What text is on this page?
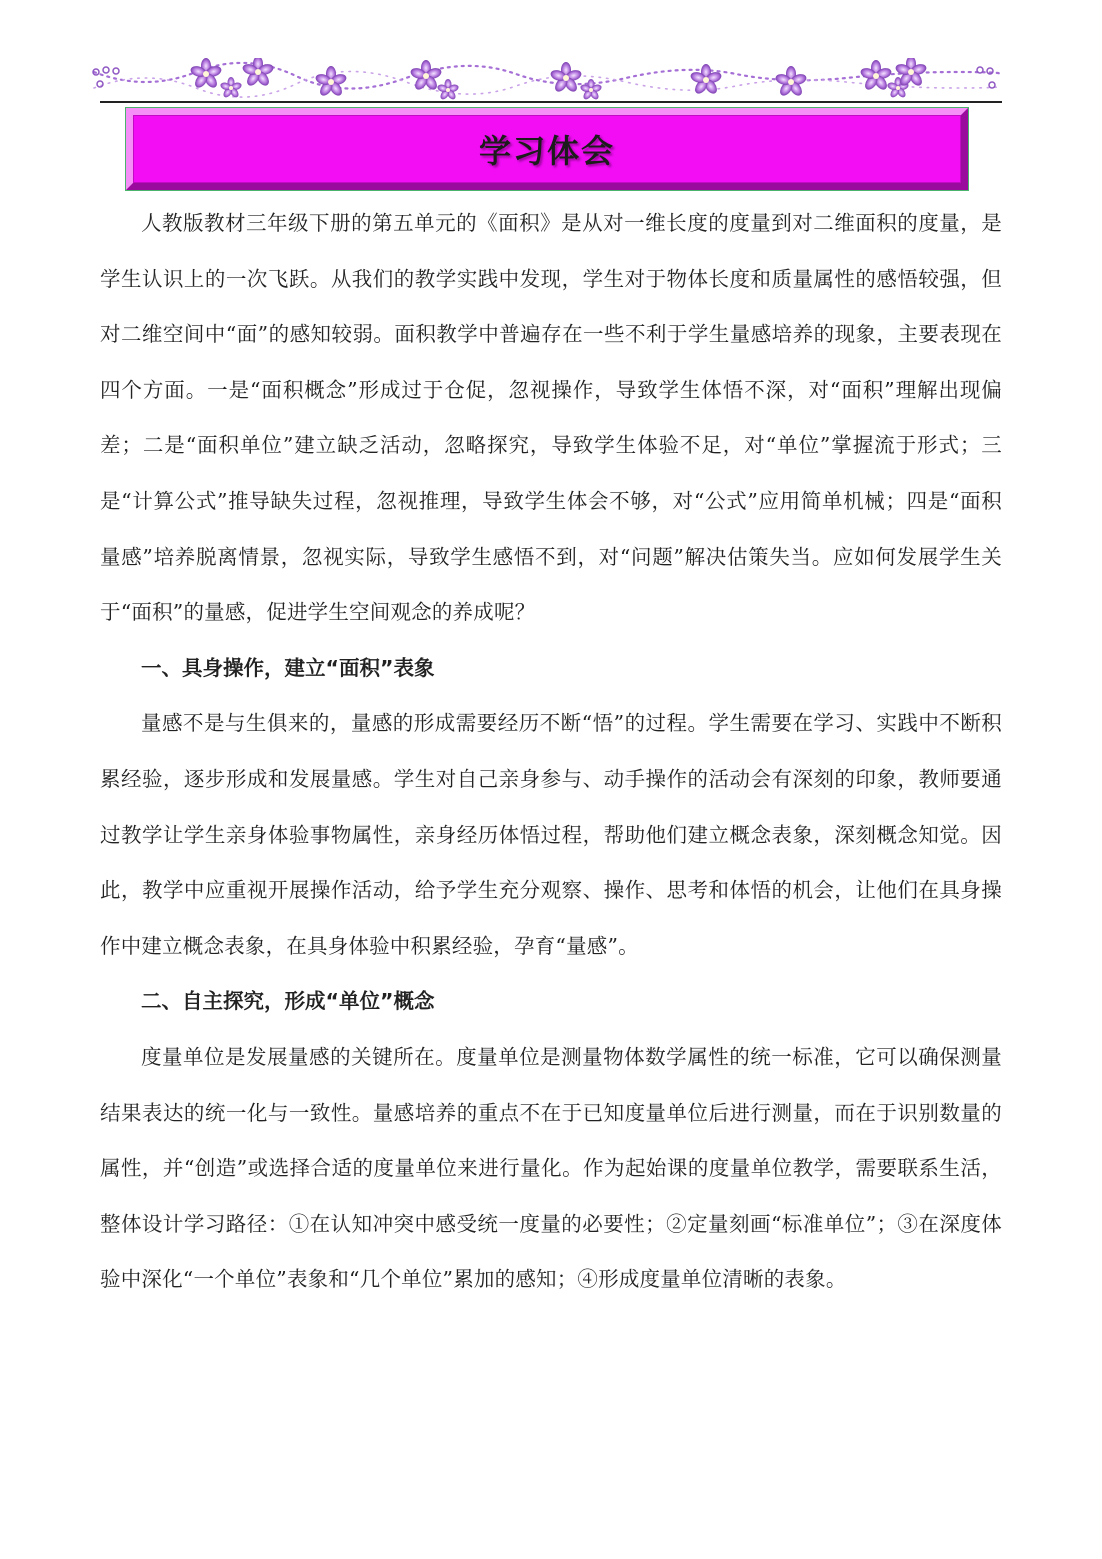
学习体会

人教版教材三年级下册的第五单元的《面积》是从对一维长度的度量到对二维面积的度量，是学生认识上的一次飞跃。从我们的教学实践中发现，学生对于物体长度和质量属性的感悟较强，但对二维空间中“面”的感知较弱。面积教学中普遍存在一些不利于学生量感培养的现象，主要表现在四个方面。一是“面积概念”形成过于仓促，忽视操作，导致学生体悟不深，对“面积”理解出现偏差；二是“面积单位”建立缺乏活动，忽略探究，导致学生体验不足，对“单位”掌握流于形式；三是“计算公式”推导缺失过程，忽视推理，导致学生体会不够，对“公式”应用简单机械；四是“面积量感”培养脱离情景，忽视实际，导致学生感悟不到，对“问题”解决估策失当。应如何发展学生关于“面积”的量感，促进学生空间观念的养成呢？

一、具身操作，建立“面积”表象

量感不是与生俱来的，量感的形成需要经历不断“悟”的过程。学生需要在学习、实践中不断积累经验，逐步形成和发展量感。学生对自己亲身参与、动手操作的活动会有深刻的印象，教师要通过教学让学生亲身体验事物属性，亲身经历体悟过程，帮助他们建立概念表象，深刻概念知觉。因此，教学中应重视开展操作活动，给予学生充分观察、操作、思考和体悟的机会，让他们在具身操作中建立概念表象，在具身体验中积累经验，孕育“量感”。

二、自主探究，形成“单位”概念

度量单位是发展量感的关键所在。度量单位是测量物体数学属性的统一标准，它可以确保测量结果表达的统一化与一致性。量感培养的重点不在于已知度量单位后进行测量，而在于识别数量的属性，并“创造”或选择合适的度量单位来进行量化。作为起始课的度量单位教学，需要联系生活，整体设计学习路径：①在认知冲突中感受统一度量的必要性；②定量刻画“标准单位”；③在深度体验中深化“一个单位”表象和“几个单位”累加的感知；④形成度量单位清晰的表象。
